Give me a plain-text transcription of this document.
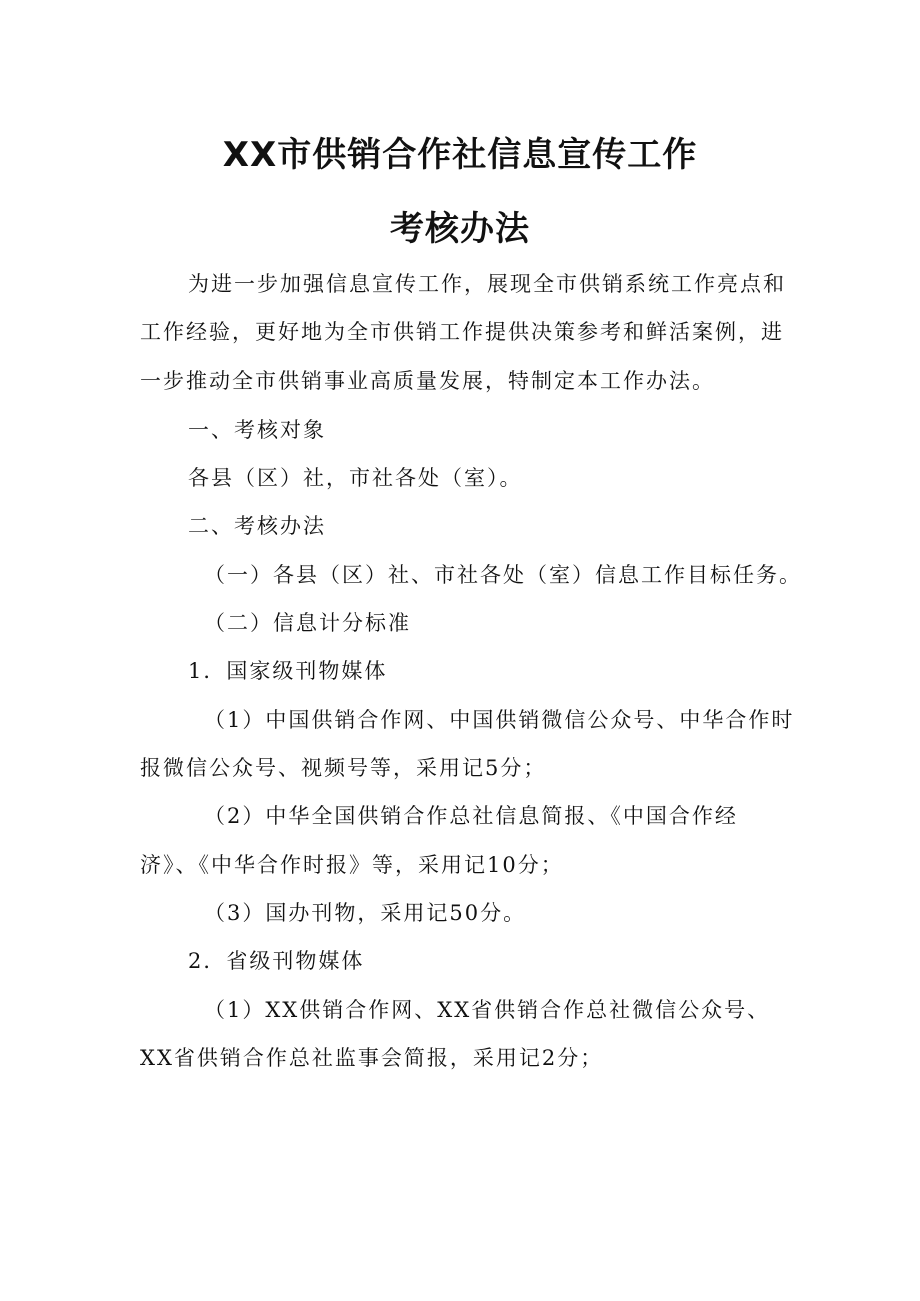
XX市供销合作社信息宣传工作
考核办法
为进一步加强信息宣传工作，展现全市供销系统工作亮点和
工作经验，更好地为全市供销工作提供决策参考和鲜活案例，进
一步推动全市供销事业高质量发展，特制定本工作办法。
一、考核对象
各县（区）社，市社各处（室）。
二、考核办法
（一）各县（区）社、市社各处（室）信息工作目标任务。
（二）信息计分标准
1．国家级刊物媒体
（1）中国供销合作网、中国供销微信公众号、中华合作时
报微信公众号、视频号等，采用记5分；
（2）中华全国供销合作总社信息简报、《中国合作经
济》、《中华合作时报》等，采用记10分；
（3）国办刊物，采用记50分。
2．省级刊物媒体
（1）XX供销合作网、XX省供销合作总社微信公众号、
XX省供销合作总社监事会简报，采用记2分；
